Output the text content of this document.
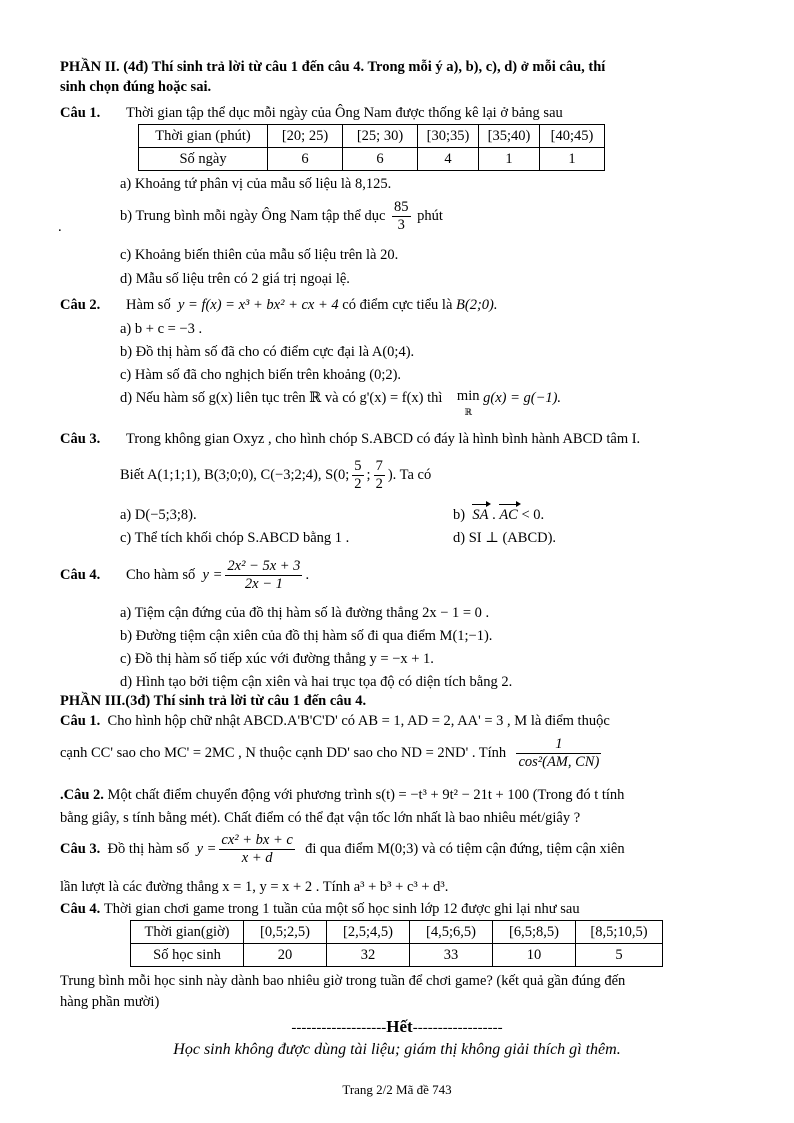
PHẦN II. (4đ) Thí sinh trả lời từ câu 1 đến câu 4. Trong mỗi ý a), b), c), d) ở mỗi câu, thí
sinh chọn đúng hoặc sai.
Câu 1. Thời gian tập thể dục mỗi ngày của Ông Nam được thống kê lại ở bảng sau
Thời gian (phút)	[20; 25)	[25; 30)	[30;35)	[35;40)	[40;45)
Số ngày	6	6	4	1	1
a) Khoảng tứ phân vị của mẫu số liệu là 8,125.
.
b) Trung bình mỗi ngày Ông Nam tập thể dục $\frac{85}{3}$ phút
c) Khoảng biến thiên của mẫu số liệu trên là 20.
d) Mẫu số liệu trên có 2 giá trị ngoại lệ.
Câu 2. Hàm số y = f(x) = x³ + bx² + cx + 4 có điểm cực tiểu là B(2;0).
a) b + c = −3 .
b) Đồ thị hàm số đã cho có điểm cực đại là A(0;4).
c) Hàm số đã cho nghịch biến trên khoảng (0;2).
d) Nếu hàm số g(x) liên tục trên ℝ và có g'(x) = f(x) thì min
ℝ g(x) = g(−1).
Câu 3. Trong không gian Oxyz , cho hình chóp S.ABCD có đáy là hình bình hành ABCD tâm I.
Biết A(1;1;1), B(3;0;0), C(−3;2;4), S(0; $\frac{5}{2}$ ; $\frac{7}{2}$ ). Ta có
a) D(−5;3;8).	b) SA . AC < 0.
c) Thể tích khối chóp S.ABCD bằng 1 .	d) SI ⊥ (ABCD).
Câu 4. Cho hàm số $y = \frac{\text{2x² − 5x + 3}}{2x - 1}$ .
a) Tiệm cận đứng của đồ thị hàm số là đường thẳng 2x − 1 = 0 .
b) Đường tiệm cận xiên của đồ thị hàm số đi qua điểm M(1;−1).
c) Đồ thị hàm số tiếp xúc với đường thẳng y = −x + 1.
d) Hình tạo bởi tiệm cận xiên và hai trục tọa độ có diện tích bằng 2.
PHẦN III.(3đ) Thí sinh trả lời từ câu 1 đến câu 4.
Câu 1. Cho hình hộp chữ nhật ABCD.A'B'C'D' có AB = 1, AD = 2, AA' = 3 , M là điểm thuộc
cạnh CC' sao cho MC' = 2MC , N thuộc cạnh DD' sao cho ND = 2ND' . Tính $\frac{1}{\text{cos²(AM, CN)}}$
.Câu 2. Một chất điểm chuyển động với phương trình s(t) = −t³ + 9t² − 21t + 100 (Trong đó t tính
bằng giây, s tính bằng mét). Chất điểm có thể đạt vận tốc lớn nhất là bao nhiêu mét/giây ?
Câu 3. Đồ thị hàm số $y = \frac{\text{cx² + bx + c}}{x + d}$ đi qua điểm M(0;3) và có tiệm cận đứng, tiệm cận xiên
lần lượt là các đường thẳng x = 1, y = x + 2 . Tính a³ + b³ + c³ + d³.
Câu 4. Thời gian chơi game trong 1 tuần của một số học sinh lớp 12 được ghi lại như sau
Thời gian(giờ)	[0,5;2,5)	[2,5;4,5)	[4,5;6,5)	[6,5;8,5)	[8,5;10,5)
Số học sinh	20	32	33	10	5
Trung bình mỗi học sinh này dành bao nhiêu giờ trong tuần để chơi game? (kết quả gần đúng đến
hàng phần mười)
-------------------Hết------------------
Học sinh không được dùng tài liệu; giám thị không giải thích gì thêm.
Trang 2/2 Mã đề 743
